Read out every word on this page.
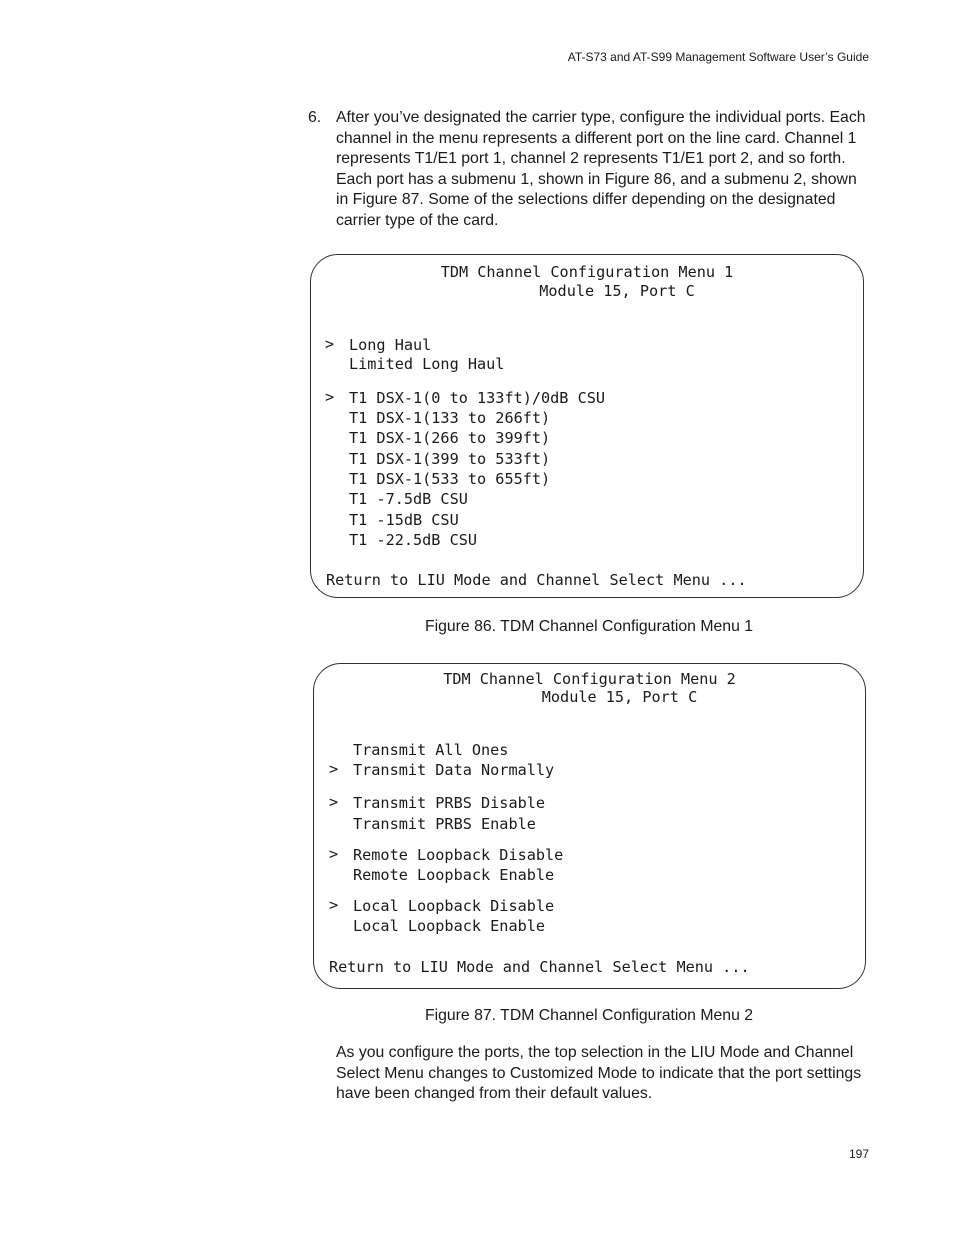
AT-S73 and AT-S99 Management Software User’s Guide
6. After you’ve designated the carrier type, configure the individual ports. Each channel in the menu represents a different port on the line card. Channel 1 represents T1/E1 port 1, channel 2 represents T1/E1 port 2, and so forth. Each port has a submenu 1, shown in Figure 86, and a submenu 2, shown in Figure 87. Some of the selections differ depending on the designated carrier type of the card.
TDM Channel Configuration Menu 1
Module 15, Port C
> Long Haul
Limited Long Haul
> T1 DSX-1(0 to 133ft)/0dB CSU
T1 DSX-1(133 to 266ft)
T1 DSX-1(266 to 399ft)
T1 DSX-1(399 to 533ft)
T1 DSX-1(533 to 655ft)
T1 -7.5dB CSU
T1 -15dB CSU
T1 -22.5dB CSU
Return to LIU Mode and Channel Select Menu ...
Figure 86. TDM Channel Configuration Menu 1
TDM Channel Configuration Menu 2
Module 15, Port C
Transmit All Ones
> Transmit Data Normally
> Transmit PRBS Disable
Transmit PRBS Enable
> Remote Loopback Disable
Remote Loopback Enable
> Local Loopback Disable
Local Loopback Enable
Return to LIU Mode and Channel Select Menu ...
Figure 87. TDM Channel Configuration Menu 2
As you configure the ports, the top selection in the LIU Mode and Channel Select Menu changes to Customized Mode to indicate that the port settings have been changed from their default values.
197
